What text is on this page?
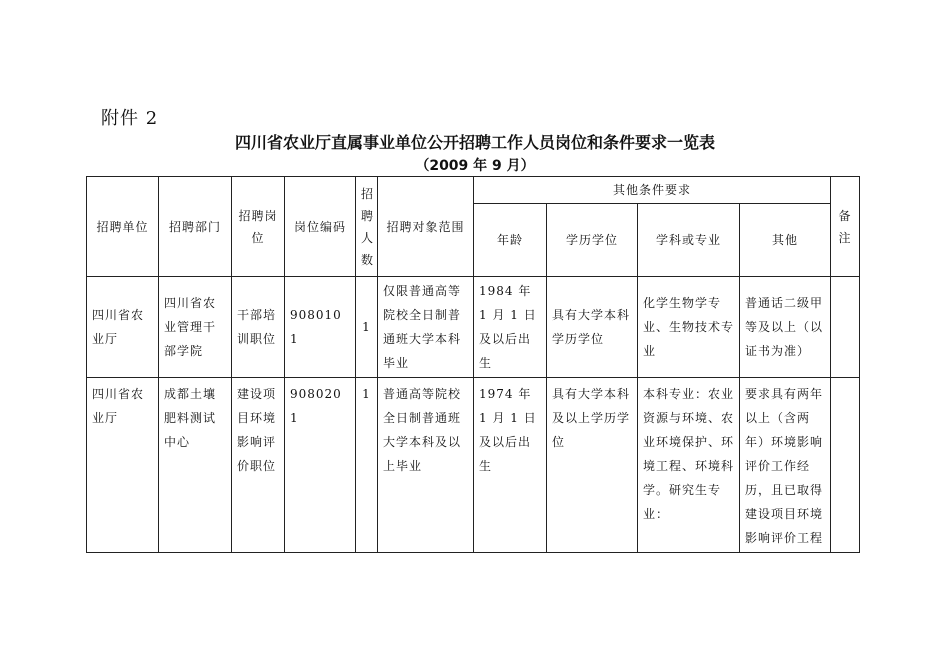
附件 2
四川省农业厅直属事业单位公开招聘工作人员岗位和条件要求一览表
（2009 年 9 月）
招聘单位	招聘部门	招聘岗位	岗位编码	招聘人数	招聘对象范围	其他条件要求				备注
						年龄	学历学位	学科或专业	其他	
四川省农业厅	四川省农业管理干部学院	干部培训职位	9080101	1	仅限普通高等院校全日制普通班大学本科毕业	1984 年 1 月 1 日及以后出生	具有大学本科学历学位	化学生物学专业、生物技术专业	普通话二级甲等及以上（以证书为准）	
四川省农业厅	成都土壤肥料测试中心	建设项目环境影响评价职位	9080201	1	普通高等院校全日制普通班大学本科及以上毕业	1974 年 1 月 1 日及以后出生	具有大学本科及以上学历学位	本科专业：农业资源与环境、农业环境保护、环境工程、环境科学。研究生专业：	要求具有两年以上（含两年）环境影响评价工作经历，且已取得建设项目环境影响评价工程	
